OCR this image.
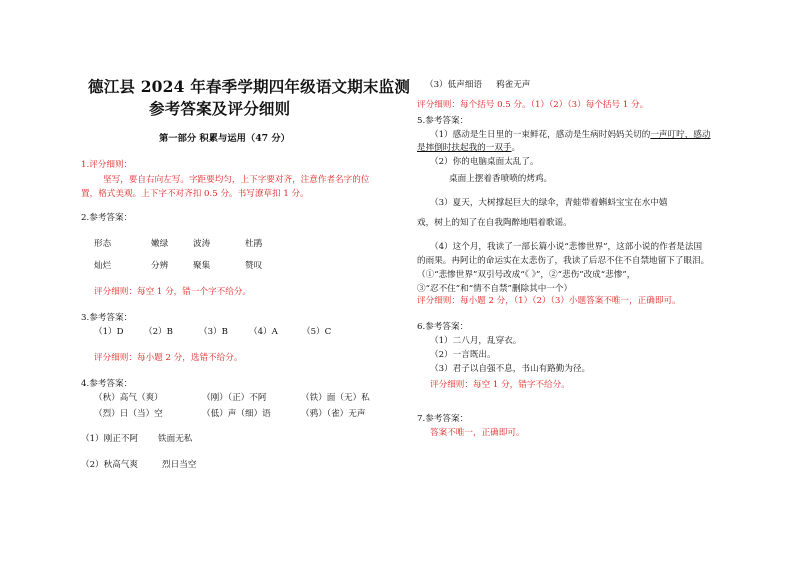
德江县 2024 年春季学期四年级语文期末监测
参考答案及评分细则
第一部分 积累与运用（47 分）
1.评分细则：
坚写，要自右向左写。字距要均匀，上下字要对齐，注意作者名字的位
置，格式美观。上下字不对齐扣 0.5 分。书写潦草扣 1 分。
2.参考答案：
形态	嫩绿	波涛	杜鹃
灿烂	分辨	聚集	赞叹
评分细则：每空 1 分，错一个字不给分。
3.参考答案：
（1）D （2）B	（3）B （4）A	（5）C
评分细则：每小题 2 分，选错不给分。
4.参考答案：
（秋）高气（爽）	（刚）（正）不阿	（铁）面（无）私
（烈）日（当）空	（低）声（细）语	（鸦）（雀）无声
（1）刚正不阿 铁面无私
（2）秋高气爽	烈日当空
（3）低声细语 鸦雀无声
评分细则：每个括号 0.5 分。（1）（2）（3）每个括号 1 分。
5.参考答案：
（1）感动是生日里的一束鲜花，感动是生病时妈妈关切的一声叮咛，感动
是摔倒时扶起我的一双手。
（2）你的电脑桌面太乱了。
桌面上摆着香喷喷的烤鸡。
（3）夏天，大树撑起巨大的绿伞，青蛙带着蝌蚪宝宝在水中嬉
戏，树上的知了在自我陶醉地唱着歌谣。
（4）这个月，我读了一部长篇小说“悲惨世界”，这部小说的作者是法国
的雨果。冉阿让的命运实在太悲伤了，我读了后忍不住不自禁地留下了眼泪。
（①“悲惨世界”双引号改成“《 》”，②“悲伤”改成“悲惨”，
③“忍不住”和“情不自禁”删除其中一个）
评分细则：每小题 2 分，（1）（2）（3）小题答案不唯一，正确即可。
6.参考答案：
（1）二八月，乱穿衣。
（2）一言既出。
（3）君子以自强不息，书山有路勤为径。
评分细则：每空 1 分，错字不给分。
7.参考答案：
答案不唯一，正确即可。
